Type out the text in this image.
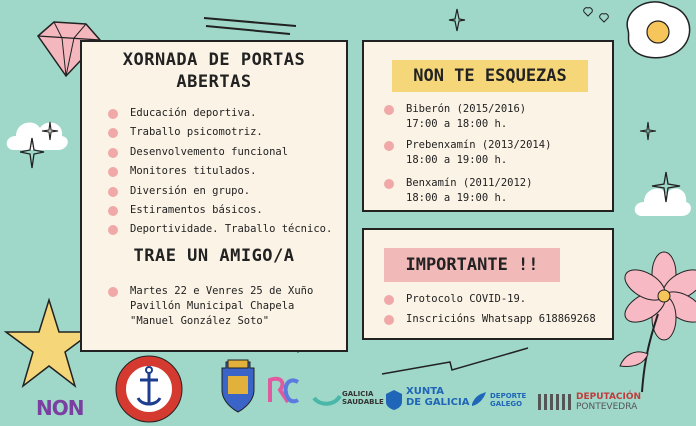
XORNADA DE PORTAS
ABERTAS
Educación deportiva.
Traballo psicomotriz.
Desenvolvemento funcional
Monitores titulados.
Diversión en grupo.
Estiramentos básicos.
Deportividade. Traballo técnico.
TRAE UN AMIGO/A
Martes 22 e Venres 25 de Xuño
Pavillón Municipal Chapela
"Manuel González Soto"
NON TE ESQUEZAS
Biberón (2015/2016)
17:00 a 18:00 h.
Prebenxamín (2013/2014)
18:00 a 19:00 h.
Benxamín (2011/2012)
18:00 a 19:00 h.
IMPORTANTE !!
Protocolo COVID-19.
Inscricións Whatsapp 618869268
NON
GALICIA
SAUDABLE
XUNTA
DE GALICIA
DEPORTE
GALEGO
DEPUTACIÓN
PONTEVEDRA
